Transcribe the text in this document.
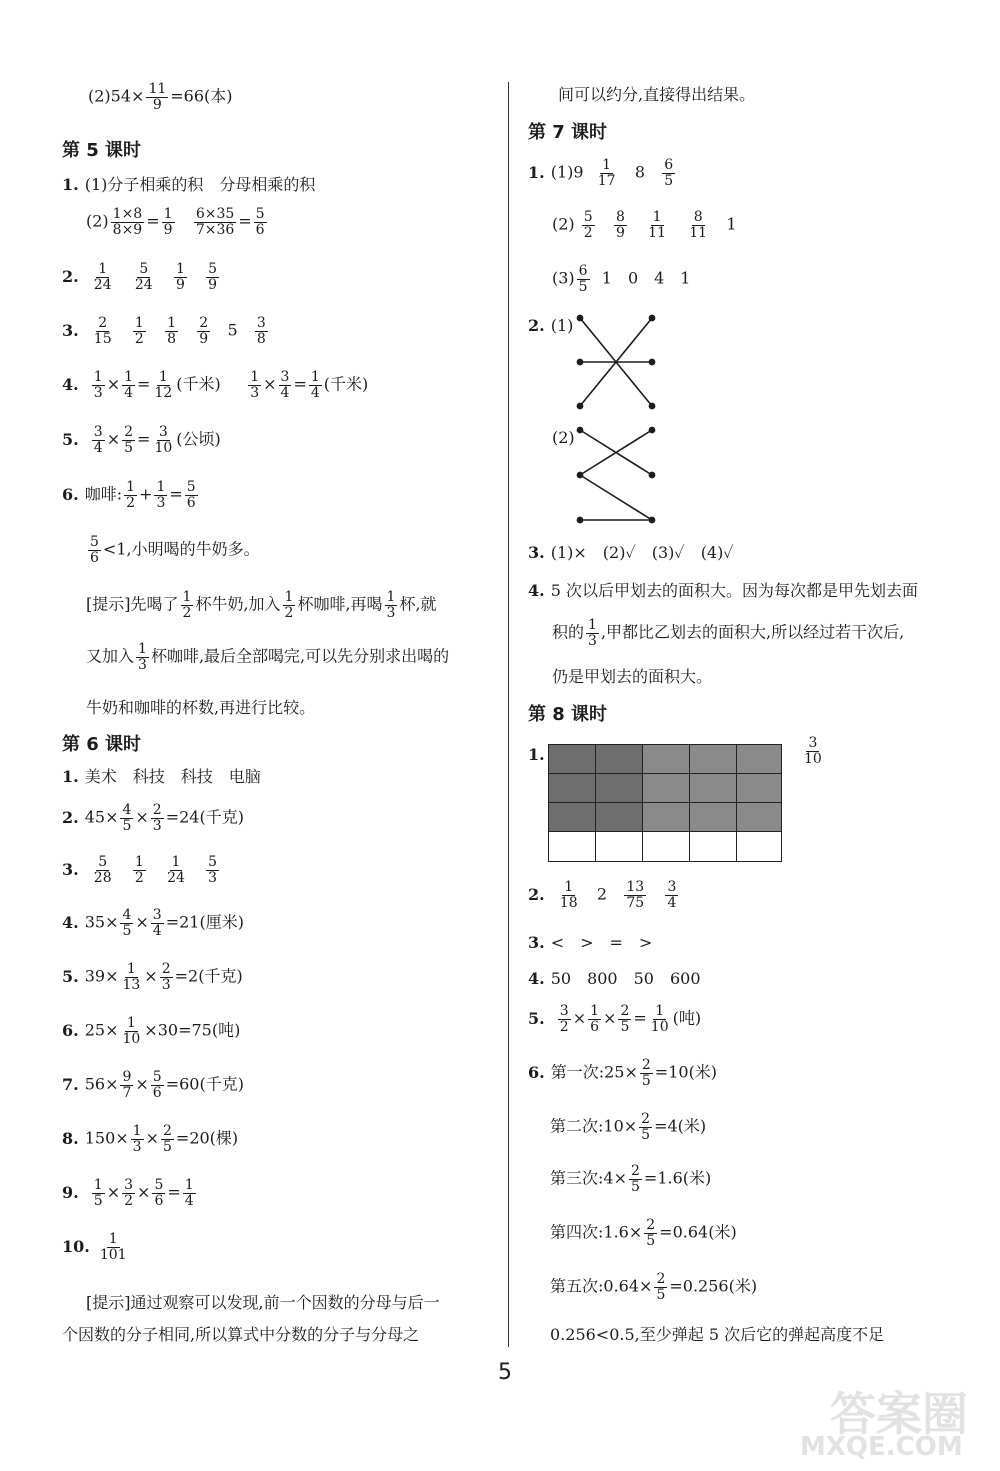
$(2)54\times \frac{11}{9} =66$(本)
第 5 课时
1. (1)分子相乘的积　分母相乘的积
$(2) \frac{1\times 8}{8\times 9} = \frac{1}{9}$
$\frac{6\times 35}{7\times 36} = \frac{5}{6}$
2. $\frac{1}{24}$
$\frac{5}{24}$
$\frac{1}{9}$
$\frac{5}{9}$
3. $\frac{2}{15}$
$\frac{1}{2}$
$\frac{1}{8}$
$\frac{2}{9} 5 \frac{3}{8}$
4. $\frac{1}{3} \times \frac{1}{4} = \frac{1}{12}$ (千米) $\frac{1}{3} \times \frac{3}{4} = \frac{1}{4}$ (千米)
5. $\frac{3}{4} \times \frac{2}{5} = \frac{3}{10}$ (公顷)
6. 咖啡: $\frac{1}{2} + \frac{1}{3} = \frac{5}{6}$
$\frac{5}{6} <1$,小明喝的牛奶多。
[提示]先喝了 $\frac{1}{2}$ 杯牛奶,加入 $\frac{1}{2}$ 杯咖啡,再喝 $\frac{1}{3}$ 杯,就
又加入 $\frac{1}{3}$ 杯咖啡,最后全部喝完,可以先分别求出喝的
牛奶和咖啡的杯数,再进行比较。
第 6 课时
1. 美术　科技　科技　电脑
2. $45\times \frac{4}{5} \times \frac{2}{3} =24$(千克)
3. $\frac{5}{28}$
$\frac{1}{2}$
$\frac{1}{24}$
$\frac{5}{3}$
4. $35\times \frac{4}{5} \times \frac{3}{4} =21$(厘米)
5. $39\times \frac{1}{13} \times \frac{2}{3} =2$(千克)
6. $25\times \frac{1}{10} \times 30=75$(吨)
7. $56\times \frac{9}{7} \times \frac{5}{6} =60$(千克)
8. $150\times \frac{1}{3} \times \frac{2}{5} =20$(棵)
9. $\frac{1}{5} \times \frac{3}{2} \times \frac{5}{6} = \frac{1}{4}$
10. $\frac{1}{101}$
[提示]通过观察可以发现,前一个因数的分母与后一
个因数的分子相同,所以算式中分数的分子与分母之
间可以约分,直接得出结果。
第 7 课时
1. $(1)9 \frac{1}{17} 8 \frac{6}{5}$
$(2) \frac{5}{2}$
$\frac{8}{9}$
$\frac{1}{11}$
$\frac{8}{11} 1$
$(3) \frac{6}{5} 1$　0　4　1
2. (1)
(2)
3. (1)×　(2)✓　(3)✓　(4)✓
4. 5 次以后甲划去的面积大。因为每次都是甲先划去面
积的 $\frac{1}{3}$ ,甲都比乙划去的面积大,所以经过若干次后,
仍是甲划去的面积大。
第 8 课时
1.	$\frac{3}{10}$
2. $\frac{1}{18} 2 \frac{13}{75}$
$\frac{3}{4}$
3. <　>　=　>
4. 50　800　50　600
5. $\frac{3}{2} \times \frac{1}{6} \times \frac{2}{5} = \frac{1}{10}$ (吨)
6. 第一次:25× $\frac{2}{5} =10$(米)
第二次:10× $\frac{2}{5} =4$(米)
第三次:4× $\frac{2}{5} =1.6$(米)
第四次:1.6× $\frac{2}{5} =0.64$(米)
第五次:0.64× $\frac{2}{5} =0.256$(米)
0.256<0.5,至少弹起 5 次后它的弹起高度不足
5
答案圈
MXQE.COM
